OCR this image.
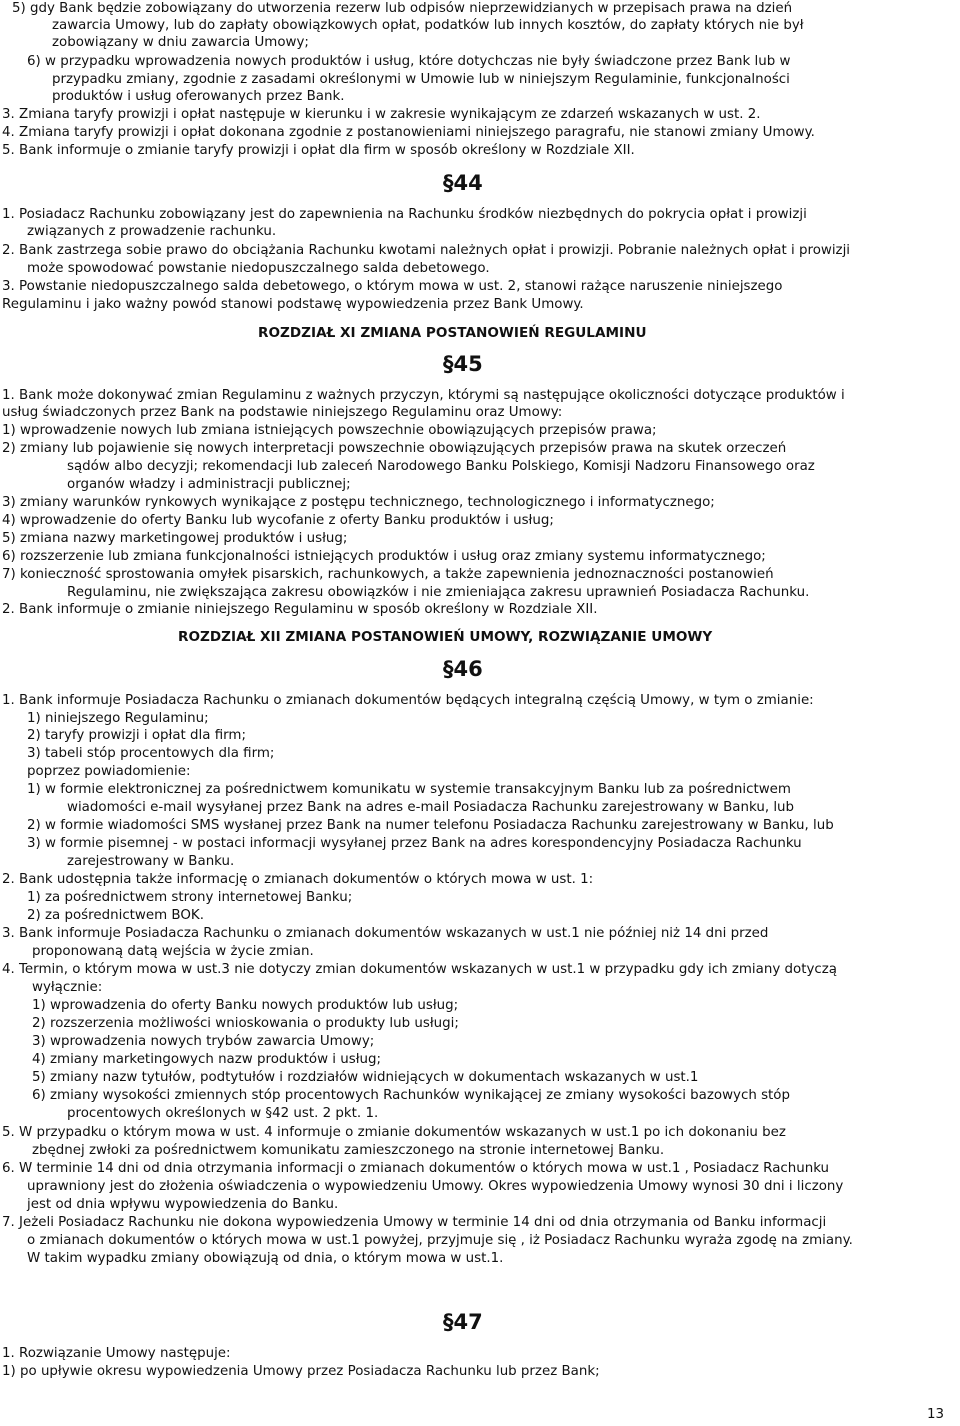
5) gdy Bank będzie zobowiązany do utworzenia rezerw lub odpisów nieprzewidzianych w przepisach prawa na dzień
zawarcia Umowy, lub do zapłaty obowiązkowych opłat, podatków lub innych kosztów, do zapłaty których nie był
zobowiązany w dniu zawarcia Umowy;
6) w przypadku wprowadzenia nowych produktów i usług, które dotychczas nie były świadczone przez Bank lub w
przypadku zmiany, zgodnie z zasadami określonymi w Umowie lub w niniejszym Regulaminie, funkcjonalności
produktów i usług oferowanych przez Bank.
3. Zmiana taryfy prowizji i opłat następuje w kierunku i w zakresie wynikającym ze zdarzeń wskazanych w ust. 2.
4. Zmiana taryfy prowizji i opłat dokonana zgodnie z postanowieniami niniejszego paragrafu, nie stanowi zmiany Umowy.
5. Bank informuje o zmianie taryfy prowizji i opłat dla firm w sposób określony w Rozdziale XII.
§44
1. Posiadacz Rachunku zobowiązany jest do zapewnienia na Rachunku środków niezbędnych do pokrycia opłat i prowizji
związanych z prowadzenie rachunku.
2. Bank zastrzega sobie prawo do obciążania Rachunku kwotami należnych opłat i prowizji. Pobranie należnych opłat i prowizji
może spowodować powstanie niedopuszczalnego salda debetowego.
3. Powstanie niedopuszczalnego salda debetowego, o którym mowa w ust. 2, stanowi rażące naruszenie niniejszego
Regulaminu i jako ważny powód stanowi podstawę wypowiedzenia przez Bank Umowy.
ROZDZIAŁ XI ZMIANA POSTANOWIEŃ REGULAMINU
§45
1. Bank może dokonywać zmian Regulaminu z ważnych przyczyn, którymi są następujące okoliczności dotyczące produktów i
usług świadczonych przez Bank na podstawie niniejszego Regulaminu oraz Umowy:
1) wprowadzenie nowych lub zmiana istniejących powszechnie obowiązujących przepisów prawa;
2) zmiany lub pojawienie się nowych interpretacji powszechnie obowiązujących przepisów prawa na skutek orzeczeń
sądów albo decyzji; rekomendacji lub zaleceń Narodowego Banku Polskiego, Komisji Nadzoru Finansowego oraz
organów władzy i administracji publicznej;
3) zmiany warunków rynkowych wynikające z postępu technicznego, technologicznego i informatycznego;
4) wprowadzenie do oferty Banku lub wycofanie z oferty Banku produktów i usług;
5) zmiana nazwy marketingowej produktów i usług;
6) rozszerzenie lub zmiana funkcjonalności istniejących produktów i usług oraz zmiany systemu informatycznego;
7) konieczność sprostowania omyłek pisarskich, rachunkowych, a także zapewnienia jednoznaczności postanowień
Regulaminu, nie zwiększająca zakresu obowiązków i nie zmieniająca zakresu uprawnień Posiadacza Rachunku.
2. Bank informuje o zmianie niniejszego Regulaminu w sposób określony w Rozdziale XII.
ROZDZIAŁ XII ZMIANA POSTANOWIEŃ UMOWY, ROZWIĄZANIE UMOWY
§46
1. Bank informuje Posiadacza Rachunku o zmianach dokumentów będących integralną częścią Umowy, w tym o zmianie:
1) niniejszego Regulaminu;
2) taryfy prowizji i opłat dla firm;
3) tabeli stóp procentowych dla firm;
poprzez powiadomienie:
1) w formie elektronicznej za pośrednictwem komunikatu w systemie transakcyjnym Banku lub za pośrednictwem
wiadomości e-mail wysyłanej przez Bank na adres e-mail Posiadacza Rachunku zarejestrowany w Banku, lub
2) w formie wiadomości SMS wysłanej przez Bank na numer telefonu Posiadacza Rachunku zarejestrowany w Banku, lub
3) w formie pisemnej - w postaci informacji wysyłanej przez Bank na adres korespondencyjny Posiadacza Rachunku
zarejestrowany w Banku.
2. Bank udostępnia także informację o zmianach dokumentów o których mowa w ust. 1:
1) za pośrednictwem strony internetowej Banku;
2) za pośrednictwem BOK.
3. Bank informuje Posiadacza Rachunku o zmianach dokumentów wskazanych w ust.1 nie później niż 14 dni przed
proponowaną datą wejścia w życie zmian.
4. Termin, o którym mowa w ust.3 nie dotyczy zmian dokumentów wskazanych w ust.1 w przypadku gdy ich zmiany dotyczą
wyłącznie:
1) wprowadzenia do oferty Banku nowych produktów lub usług;
2) rozszerzenia możliwości wnioskowania o produkty lub usługi;
3) wprowadzenia nowych trybów zawarcia Umowy;
4) zmiany marketingowych nazw produktów i usług;
5) zmiany nazw tytułów, podtytułów i rozdziałów widniejących w dokumentach wskazanych w ust.1
6) zmiany wysokości zmiennych stóp procentowych Rachunków wynikającej ze zmiany wysokości bazowych stóp
procentowych określonych w §42 ust. 2 pkt. 1.
5. W przypadku o którym mowa w ust. 4 informuje o zmianie dokumentów wskazanych w ust.1 po ich dokonaniu bez
zbędnej zwłoki za pośrednictwem komunikatu zamieszczonego na stronie internetowej Banku.
6. W terminie 14 dni od dnia otrzymania informacji o zmianach dokumentów o których mowa w ust.1 , Posiadacz Rachunku
uprawniony jest do złożenia oświadczenia o wypowiedzeniu Umowy. Okres wypowiedzenia Umowy wynosi 30 dni i liczony
jest od dnia wpływu wypowiedzenia do Banku.
7. Jeżeli Posiadacz Rachunku nie dokona wypowiedzenia Umowy w terminie 14 dni od dnia otrzymania od Banku informacji
o zmianach dokumentów o których mowa w ust.1 powyżej, przyjmuje się , iż Posiadacz Rachunku wyraża zgodę na zmiany.
W takim wypadku zmiany obowiązują od dnia, o którym mowa w ust.1.
§47
1. Rozwiązanie Umowy następuje:
1) po upływie okresu wypowiedzenia Umowy przez Posiadacza Rachunku lub przez Bank;
13
